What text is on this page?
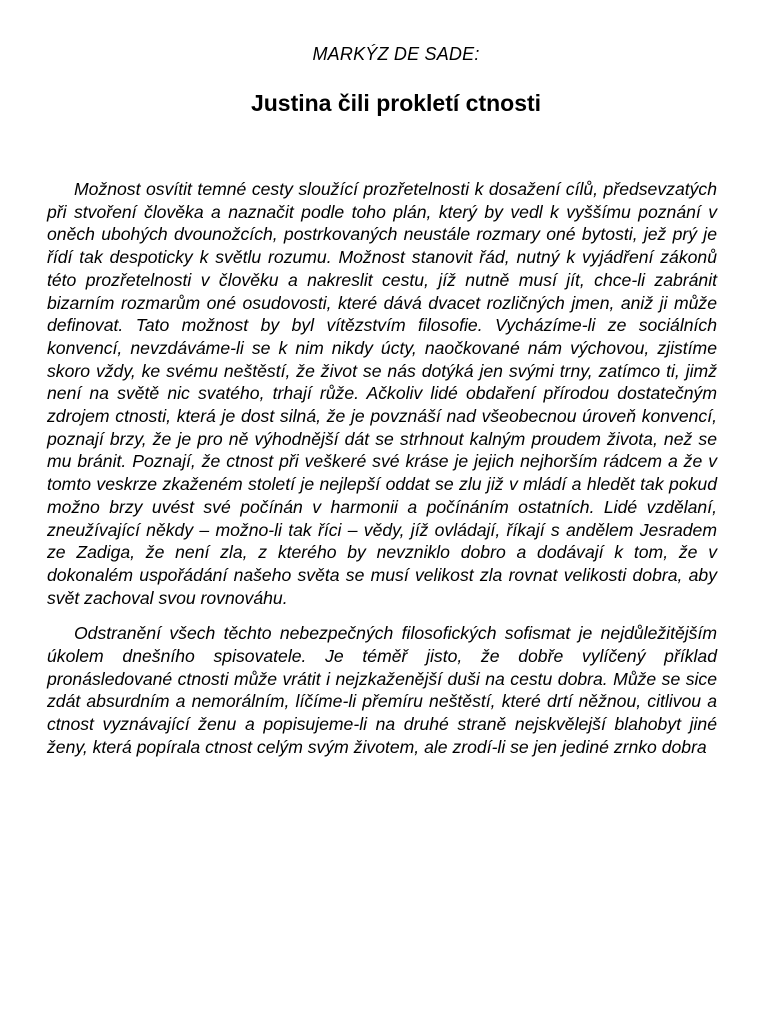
MARKÝZ DE SADE:
Justina čili prokletí ctnosti

Možnost osvítit temné cesty sloužící prozřetelnosti k dosažení cílů, předsevzatých při stvoření člověka a naznačit podle toho plán, který by vedl k vyššímu poznání v oněch ubohých dvounožcích, postrkovaných neustále rozmary oné bytosti, jež prý je řídí tak despoticky k světlu rozumu. Možnost stanovit řád, nutný k vyjádření zákonů této prozřetelnosti v člověku a nakreslit cestu, jíž nutně musí jít, chce-li zabránit bizarním rozmarům oné osudovosti, které dává dvacet rozličných jmen, aniž ji může definovat. Tato možnost by byl vítězstvím filosofie. Vycházíme-li ze sociálních konvencí, nevzdáváme-li se k nim nikdy úcty, naočkované nám výchovou, zjistíme skoro vždy, ke svému neštěstí, že život se nás dotýká jen svými trny, zatímco ti, jimž není na světě nic svatého, trhají růže. Ačkoliv lidé obdaření přírodou dostatečným zdrojem ctnosti, která je dost silná, že je povznáší nad všeobecnou úroveň konvencí, poznají brzy, že je pro ně výhodnější dát se strhnout kalným proudem života, než se mu bránit. Poznají, že ctnost při veškeré své kráse je jejich nejhorším rádcem a že v tomto veskrze zkaženém století je nejlepší oddat se zlu již v mládí a hledět tak pokud možno brzy uvést své počínán v harmonii a počínáním ostatních. Lidé vzdělaní, zneužívající někdy – možno-li tak říci – vědy, jíž ovládají, říkají s andělem Jesradem ze Zadiga, že není zla, z kterého by nevzniklo dobro a dodávají k tom, že v dokonalém uspořádání našeho světa se musí velikost zla rovnat velikosti dobra, aby svět zachoval svou rovnováhu.

Odstranění všech těchto nebezpečných filosofických sofismat je nejdůležitějším úkolem dnešního spisovatele. Je téměř jisto, že dobře vylíčený příklad pronásledované ctnosti může vrátit i nejzkaženější duši na cestu dobra. Může se sice zdát absurdním a nemorálním, líčíme-li přemíru neštěstí, které drtí něžnou, citlivou a ctnost vyznávající ženu a popisujeme-li na druhé straně nejskvělejší blahobyt jiné ženy, která popírala ctnost celým svým životem, ale zrodí-li se jen jediné zrnko dobra
